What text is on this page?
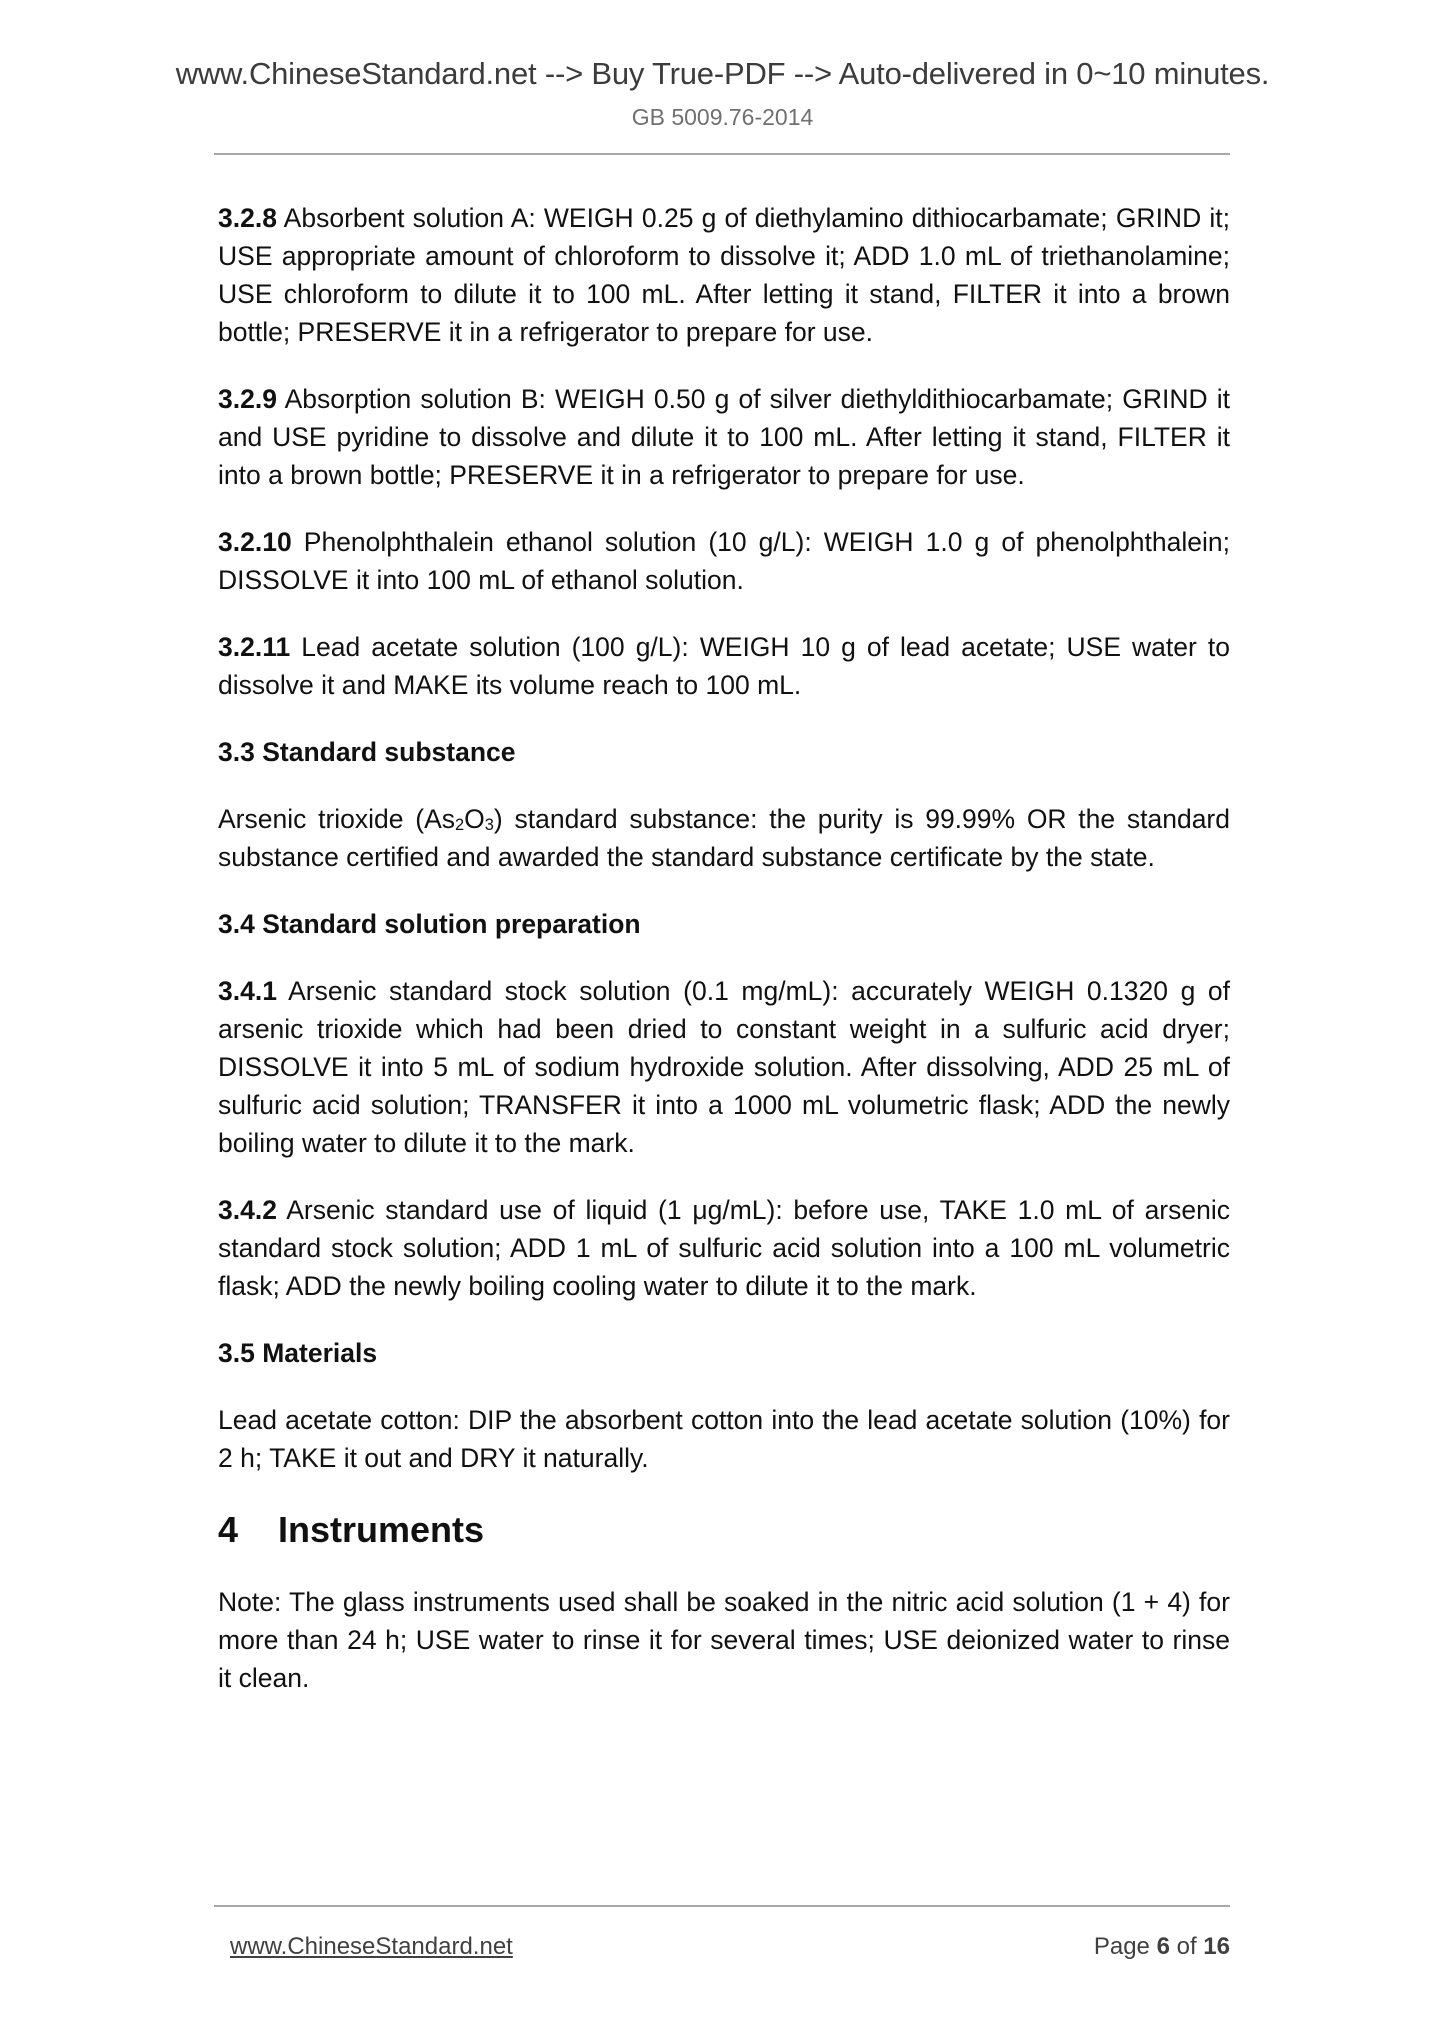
www.ChineseStandard.net --> Buy True-PDF --> Auto-delivered in 0~10 minutes.
GB 5009.76-2014

3.2.8 Absorbent solution A: WEIGH 0.25 g of diethylamino dithiocarbamate; GRIND it; USE appropriate amount of chloroform to dissolve it; ADD 1.0 mL of triethanolamine; USE chloroform to dilute it to 100 mL. After letting it stand, FILTER it into a brown bottle; PRESERVE it in a refrigerator to prepare for use.

3.2.9 Absorption solution B: WEIGH 0.50 g of silver diethyldithiocarbamate; GRIND it and USE pyridine to dissolve and dilute it to 100 mL. After letting it stand, FILTER it into a brown bottle; PRESERVE it in a refrigerator to prepare for use.

3.2.10 Phenolphthalein ethanol solution (10 g/L): WEIGH 1.0 g of phenolphthalein; DISSOLVE it into 100 mL of ethanol solution.

3.2.11 Lead acetate solution (100 g/L): WEIGH 10 g of lead acetate; USE water to dissolve it and MAKE its volume reach to 100 mL.

3.3 Standard substance

Arsenic trioxide $(As_2O_3)$ standard substance: the purity is 99.99% OR the standard substance certified and awarded the standard substance certificate by the state.

3.4 Standard solution preparation

3.4.1 Arsenic standard stock solution (0.1 mg/mL): accurately WEIGH 0.1320 g of arsenic trioxide which had been dried to constant weight in a sulfuric acid dryer; DISSOLVE it into 5 mL of sodium hydroxide solution. After dissolving, ADD 25 mL of sulfuric acid solution; TRANSFER it into a 1000 mL volumetric flask; ADD the newly boiling water to dilute it to the mark.

3.4.2 Arsenic standard use of liquid (1 μg/mL): before use, TAKE 1.0 mL of arsenic standard stock solution; ADD 1 mL of sulfuric acid solution into a 100 mL volumetric flask; ADD the newly boiling cooling water to dilute it to the mark.

3.5 Materials

Lead acetate cotton: DIP the absorbent cotton into the lead acetate solution (10%) for 2 h; TAKE it out and DRY it naturally.

4 Instruments

Note: The glass instruments used shall be soaked in the nitric acid solution (1 + 4) for more than 24 h; USE water to rinse it for several times; USE deionized water to rinse it clean.

www.ChineseStandard.net	Page 6 of 16
